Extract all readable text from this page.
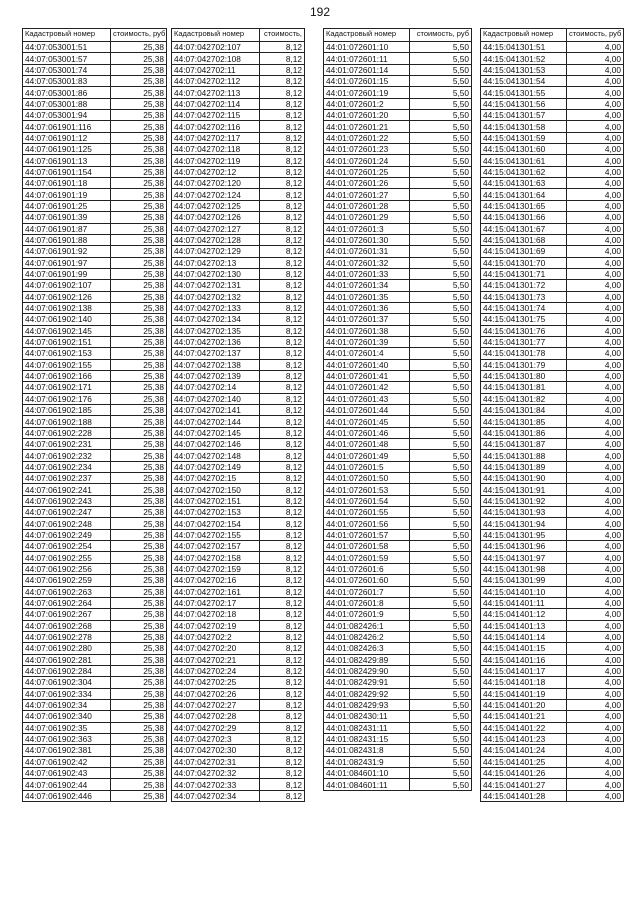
192
Кадастровый номер	стоимость, руб
44:07:053001:51	25,38
44:07:053001:57	25,38
44:07:053001:74	25,38
44:07:053001:83	25,38
44:07:053001:86	25,38
44:07:053001:88	25,38
44:07:053001:94	25,38
44:07:061901:116	25,38
44:07:061901:12	25,38
44:07:061901:125	25,38
44:07:061901:13	25,38
44:07:061901:154	25,38
44:07:061901:18	25,38
44:07:061901:19	25,38
44:07:061901:25	25,38
44:07:061901:39	25,38
44:07:061901:87	25,38
44:07:061901:88	25,38
44:07:061901:92	25,38
44:07:061901:97	25,38
44:07:061901:99	25,38
44:07:061902:107	25,38
44:07:061902:126	25,38
44:07:061902:138	25,38
44:07:061902:140	25,38
44:07:061902:145	25,38
44:07:061902:151	25,38
44:07:061902:153	25,38
44:07:061902:155	25,38
44:07:061902:166	25,38
44:07:061902:171	25,38
44:07:061902:176	25,38
44:07:061902:185	25,38
44:07:061902:188	25,38
44:07:061902:228	25,38
44:07:061902:231	25,38
44:07:061902:232	25,38
44:07:061902:234	25,38
44:07:061902:237	25,38
44:07:061902:241	25,38
44:07:061902:243	25,38
44:07:061902:247	25,38
44:07:061902:248	25,38
44:07:061902:249	25,38
44:07:061902:254	25,38
44:07:061902:255	25,38
44:07:061902:256	25,38
44:07:061902:259	25,38
44:07:061902:263	25,38
44:07:061902:264	25,38
44:07:061902:267	25,38
44:07:061902:268	25,38
44:07:061902:278	25,38
44:07:061902:280	25,38
44:07:061902:281	25,38
44:07:061902:284	25,38
44:07:061902:304	25,38
44:07:061902:334	25,38
44:07:061902:34	25,38
44:07:061902:340	25,38
44:07:061902:35	25,38
44:07:061902:363	25,38
44:07:061902:381	25,38
44:07:061902:42	25,38
44:07:061902:43	25,38
44:07:061902:44	25,38
44:07:061902:446	25,38
Кадастровый номер	стоимость,
44:07:042702:107	8,12
44:07:042702:108	8,12
44:07:042702:11	8,12
44:07:042702:112	8,12
44:07:042702:113	8,12
44:07:042702:114	8,12
44:07:042702:115	8,12
44:07:042702:116	8,12
44:07:042702:117	8,12
44:07:042702:118	8,12
44:07:042702:119	8,12
44:07:042702:12	8,12
44:07:042702:120	8,12
44:07:042702:124	8,12
44:07:042702:125	8,12
44:07:042702:126	8,12
44:07:042702:127	8,12
44:07:042702:128	8,12
44:07:042702:129	8,12
44:07:042702:13	8,12
44:07:042702:130	8,12
44:07:042702:131	8,12
44:07:042702:132	8,12
44:07:042702:133	8,12
44:07:042702:134	8,12
44:07:042702:135	8,12
44:07:042702:136	8,12
44:07:042702:137	8,12
44:07:042702:138	8,12
44:07:042702:139	8,12
44:07:042702:14	8,12
44:07:042702:140	8,12
44:07:042702:141	8,12
44:07:042702:144	8,12
44:07:042702:145	8,12
44:07:042702:146	8,12
44:07:042702:148	8,12
44:07:042702:149	8,12
44:07:042702:15	8,12
44:07:042702:150	8,12
44:07:042702:151	8,12
44:07:042702:153	8,12
44:07:042702:154	8,12
44:07:042702:155	8,12
44:07:042702:157	8,12
44:07:042702:158	8,12
44:07:042702:159	8,12
44:07:042702:16	8,12
44:07:042702:161	8,12
44:07:042702:17	8,12
44:07:042702:18	8,12
44:07:042702:19	8,12
44:07:042702:2	8,12
44:07:042702:20	8,12
44:07:042702:21	8,12
44:07:042702:24	8,12
44:07:042702:25	8,12
44:07:042702:26	8,12
44:07:042702:27	8,12
44:07:042702:28	8,12
44:07:042702:29	8,12
44:07:042702:3	8,12
44:07:042702:30	8,12
44:07:042702:31	8,12
44:07:042702:32	8,12
44:07:042702:33	8,12
44:07:042702:34	8,12
Кадастровый номер	стоимость, руб
44:01:072601:10	5,50
44:01:072601:11	5,50
44:01:072601:14	5,50
44:01:072601:15	5,50
44:01:072601:19	5,50
44:01:072601:2	5,50
44:01:072601:20	5,50
44:01:072601:21	5,50
44:01:072601:22	5,50
44:01:072601:23	5,50
44:01:072601:24	5,50
44:01:072601:25	5,50
44:01:072601:26	5,50
44:01:072601:27	5,50
44:01:072601:28	5,50
44:01:072601:29	5,50
44:01:072601:3	5,50
44:01:072601:30	5,50
44:01:072601:31	5,50
44:01:072601:32	5,50
44:01:072601:33	5,50
44:01:072601:34	5,50
44:01:072601:35	5,50
44:01:072601:36	5,50
44:01:072601:37	5,50
44:01:072601:38	5,50
44:01:072601:39	5,50
44:01:072601:4	5,50
44:01:072601:40	5,50
44:01:072601:41	5,50
44:01:072601:42	5,50
44:01:072601:43	5,50
44:01:072601:44	5,50
44:01:072601:45	5,50
44:01:072601:46	5,50
44:01:072601:48	5,50
44:01:072601:49	5,50
44:01:072601:5	5,50
44:01:072601:50	5,50
44:01:072601:53	5,50
44:01:072601:54	5,50
44:01:072601:55	5,50
44:01:072601:56	5,50
44:01:072601:57	5,50
44:01:072601:58	5,50
44:01:072601:59	5,50
44:01:072601:6	5,50
44:01:072601:60	5,50
44:01:072601:7	5,50
44:01:072601:8	5,50
44:01:072601:9	5,50
44:01:082426:1	5,50
44:01:082426:2	5,50
44:01:082426:3	5,50
44:01:082429:89	5,50
44:01:082429:90	5,50
44:01:082429:91	5,50
44:01:082429:92	5,50
44:01:082429:93	5,50
44:01:082430:11	5,50
44:01:082431:11	5,50
44:01:082431:15	5,50
44:01:082431:8	5,50
44:01:082431:9	5,50
44:01:084601:10	5,50
44:01:084601:11	5,50
Кадастровый номер	стоимость, руб
44:15:041301:51	4,00
44:15:041301:52	4,00
44:15:041301:53	4,00
44:15:041301:54	4,00
44:15:041301:55	4,00
44:15:041301:56	4,00
44:15:041301:57	4,00
44:15:041301:58	4,00
44:15:041301:59	4,00
44:15:041301:60	4,00
44:15:041301:61	4,00
44:15:041301:62	4,00
44:15:041301:63	4,00
44:15:041301:64	4,00
44:15:041301:65	4,00
44:15:041301:66	4,00
44:15:041301:67	4,00
44:15:041301:68	4,00
44:15:041301:69	4,00
44:15:041301:70	4,00
44:15:041301:71	4,00
44:15:041301:72	4,00
44:15:041301:73	4,00
44:15:041301:74	4,00
44:15:041301:75	4,00
44:15:041301:76	4,00
44:15:041301:77	4,00
44:15:041301:78	4,00
44:15:041301:79	4,00
44:15:041301:80	4,00
44:15:041301:81	4,00
44:15:041301:82	4,00
44:15:041301:84	4,00
44:15:041301:85	4,00
44:15:041301:86	4,00
44:15:041301:87	4,00
44:15:041301:88	4,00
44:15:041301:89	4,00
44:15:041301:90	4,00
44:15:041301:91	4,00
44:15:041301:92	4,00
44:15:041301:93	4,00
44:15:041301:94	4,00
44:15:041301:95	4,00
44:15:041301:96	4,00
44:15:041301:97	4,00
44:15:041301:98	4,00
44:15:041301:99	4,00
44:15:041401:10	4,00
44:15:041401:11	4,00
44:15:041401:12	4,00
44:15:041401:13	4,00
44:15:041401:14	4,00
44:15:041401:15	4,00
44:15:041401:16	4,00
44:15:041401:17	4,00
44:15:041401:18	4,00
44:15:041401:19	4,00
44:15:041401:20	4,00
44:15:041401:21	4,00
44:15:041401:22	4,00
44:15:041401:23	4,00
44:15:041401:24	4,00
44:15:041401:25	4,00
44:15:041401:26	4,00
44:15:041401:27	4,00
44:15:041401:28	4,00
